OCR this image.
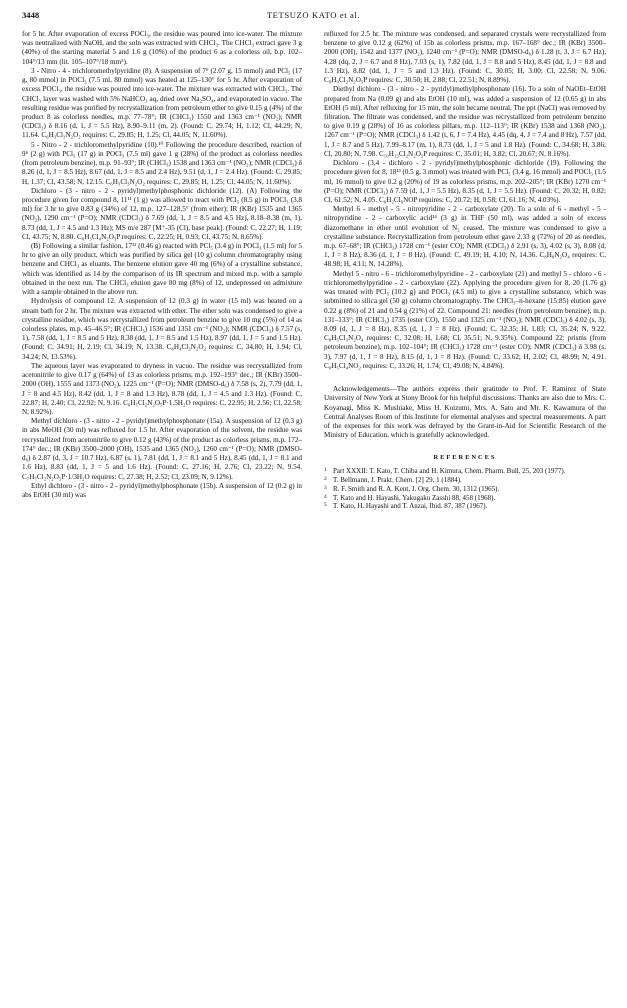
3448	TETSUZO KATO et al.

for 5 hr. After evaporation of excess POCl₃, the residue was poured into ice-water. The mixture was neutralized with NaOH, and the soln was extracted with CHCl₃. The CHCl₃ extract gave 3 g (40%) of the starting material 5 and 1.6 g (10%) of the product 6 as a colorless oil, b.p. 102–104°/13 mm (lit. 105–107°/18 mm⁵).

3 - Nitro - 4 - trichloromethylpyridine (8). A suspension of 7⁶ (2.07 g, 15 mmol) and PCl₅ (17 g, 80 mmol) in POCl₃ (7.5 ml, 80 mmol) was heated at 125–130° for 5 hr. After evaporation of excess POCl₃, the residue was poured into ice-water. The mixture was extracted with CHCl₃. The CHCl₃ layer was washed with 5% NaHCO₃ aq, dried over Na₂SO₄, and evaporated in vacuo. The resulting residue was purified by recrystallization from petroleum ether to give 0.15 g (4%) of the product 8 as colorless needles, m.p. 77–78°; IR (CHCl₃) 1550 and 1363 cm⁻¹ (NO₂); NMR (CDCl₃) δ 8.16 (d, 1, J = 5.5 Hz), 8.90–9.11 (m, 2). (Found: C, 29.74; H, 1.12; Cl, 44.29; N, 11.64. C₆H₃Cl₃N₂O₂ requires: C, 29.85; H, 1.25; Cl, 44.05; N, 11.60%).

5 - Nitro - 2 - trichloromethylpyridine (10).¹⁰ Following the procedure described, reaction of 9⁶ (2 g) with PCl₅ (17 g) in POCl₃ (7.5 ml) gave 1 g (28%) of the product as colorless needles (from petroleum benzine), m.p. 91–93°; IR (CHCl₃) 1538 and 1363 cm⁻¹ (NO₂); NMR (CDCl₃) δ 8.26 (d, 1, J = 8.5 Hz), 8.67 (dd, 1, J = 8.5 and 2.4 Hz), 9.51 (d, 1, J = 2.4 Hz). (Found: C, 29.85; H, 1.37; Cl, 43.58; N, 12.15. C₆H₃Cl₃N₂O₂ requires: C, 29.85; H, 1.25; Cl, 44.05; N, 11.60%).

Dichloro - (3 - nitro - 2 - pyridyl)methylphosphonic dichloride (12). (A) Following the procedure given for compound 8, 11¹¹ (1 g) was allowed to react with PCl₅ (8.5 g) in POCl₃ (3.8 ml) for 3 hr to give 0.83 g (34%) of 12, m.p. 127–128.5° (from ether); IR (KBr) 1535 and 1365 (NO₂), 1290 cm⁻¹ (P=O); NMR (CDCl₃) δ 7.69 (dd, 1, J = 8.5 and 4.5 Hz), 8.18–8.38 (m, 1), 8.73 (dd, 1, J = 4.5 and 1.3 Hz); MS m/e 287 [M⁺-35 (Cl), base peak]. (Found: C, 22.27; H, 1.19; Cl, 43.75; N, 8.80. C₆H₃Cl₄N₂O₃P requires: C, 22.25; H, 0.93; Cl, 43.75; N, 8.65%).

(B) Following a similar fashion, 17¹² (0.46 g) reacted with PCl₅ (3.4 g) in POCl₃ (1.5 ml) for 5 hr to give an oily product, which was purified by silica gel (10 g) column chromatography using benzene and CHCl₃ as eluants. The benzene elution gave 40 mg (6%) of a crystalline substance, which was identified as 14 by the comparison of its IR spectrum and mixed m.p. with a sample obtained in the next run. The CHCl₃ elution gave 80 mg (8%) of 12, undepressed on admixture with a sample obtained in the above run.

Hydrolysis of compound 12. A suspension of 12 (0.3 g) in water (15 ml) was heated on a steam bath for 2 hr. The mixture was extracted with ether. The ether soln was condensed to give a crystalline residue, which was recrystallized from petroleum benzine to give 10 mg (5%) of 14 as colorless plates, m.p. 45–46.5°; IR (CHCl₃) 1536 and 1351 cm⁻¹ (NO₂); NMR (CDCl₃) δ 7.57 (s, 1), 7.58 (dd, 1, J = 8.5 and 5 Hz), 8.38 (dd, 1, J = 8.5 and 1.5 Hz), 8.97 (dd, 1, J = 5 and 1.5 Hz). (Found: C, 34.91; H, 2.19; Cl, 34.19; N, 13.38. C₆H₄Cl₂N₂O₂ requires: C, 34.80; H, 1.94; Cl, 34.24; N, 13.53%).

The aqueous layer was evaporated to dryness in vacuo. The residue was recrystallized from acetonitrile to give 0.17 g (64%) of 13 as colorless prisms, m.p. 192–193° dec.; IR (KBr) 3500–2000 (OH), 1555 and 1373 (NO₂), 1225 cm⁻¹ (P=O); NMR (DMSO-d₆) δ 7.58 (s, 2), 7.79 (dd, 1, J = 8 and 4.5 Hz), 8.42 (dd, 1, J = 8 and 1.3 Hz), 8.78 (dd, 1, J = 4.5 and 1.3 Hz). (Found: C, 22.87; H, 2.40; Cl, 22.92; N, 9.16. C₆H₅Cl₂N₂O₅P·1.5H₂O requires: C, 22.95; H, 2.56; Cl, 22.58; N, 8.92%).

Methyl dichloro - (3 - nitro - 2 - pyridyl)methylphosphonate (15a). A suspension of 12 (0.3 g) in abs MeOH (30 ml) was refluxed for 1.5 hr. After evaporation of the solvent, the residue was recrystallized from acetonitrile to give 0.12 g (43%) of the product as colorless prisms, m.p. 172–174° dec.; IR (KBr) 3500–2000 (OH), 1535 and 1365 (NO₂), 1260 cm⁻¹ (P=O); NMR (DMSO-d₆) δ 2.87 (d, 3, J = 10.7 Hz), 6.87 (s, 1), 7.81 (dd, 1, J = 8.1 and 5 Hz), 8.45 (dd, 1, J = 8.1 and 1.6 Hz), 8.83 (dd, 1, J = 5 and 1.6 Hz). (Found: C, 27.16; H, 2.76; Cl, 23.22; N, 9.54. C₇H₇Cl₂N₂O₅P·1/3H₂O requires: C, 27.38; H, 2.52; Cl, 23.09; N, 9.12%).

Ethyl dichloro - (3 - nitro - 2 - pyridyl)methylphosphonate (15b). A suspension of 12 (0.2 g) in abs EtOH (30 ml) was

refluxed for 2.5 hr. The mixture was condensed, and separated crystals were recrystallized from benzene to give 0.12 g (62%) of 15b as colorless prisms, m.p. 167–168° dec.; IR (KBr) 3500–2000 (OH), 1542 and 1377 (NO₂), 1240 cm⁻¹ (P=O); NMR (DMSO-d₆) δ 1.28 (t, 3, J = 6.7 Hz), 4.28 (dq, 2, J = 6.7 and 8 Hz), 7.03 (s, 1), 7.82 (dd, 1, J = 8.8 and 5 Hz), 8.45 (dd, 1, J = 8.8 and 1.3 Hz), 8.82 (dd, 1, J = 5 and 1.3 Hz). (Found: C, 30.05; H, 3.00; Cl, 22.58; N, 9.06. C₈H₉Cl₂N₂O₅P requires: C, 30.50; H, 2.88; Cl, 22.51; N, 8.89%).

Diethyl dichloro - (3 - nitro - 2 - pyridyl)methylphosphonate (16). To a soln of NaOEt–EtOH prepared from Na (0.09 g) and abs EtOH (10 ml), was added a suspension of 12 (0.65 g) in abs EtOH (5 ml). After refluxing for 15 min, the soln became neutral. The ppt (NaCl) was removed by filtration. The filtrate was condensed, and the residue was recrystallized from petroleum benzine to give 0.19 g (28%) of 16 as colorless pillars, m.p. 112–113°; IR (KBr) 1538 and 1368 (NO₂), 1267 cm⁻¹ (P=O); NMR (CDCl₃) δ 1.42 (t, 6, J = 7.4 Hz), 4.45 (dq, 4, J = 7.4 and 8 Hz), 7.57 (dd, 1, J = 8.7 and 5 Hz), 7.99–8.17 (m, 1), 8.73 (dd, 1, J = 5 and 1.8 Hz). (Found: C, 34.68; H, 3.86; Cl, 20.80; N, 7.98. C₁₀H₁₃Cl₂N₂O₅P requires: C, 35.01; H, 3.82; Cl, 20.67; N, 8.16%).

Dichloro - (3,4 - dichloro - 2 - pyridyl)methylphosphonic dichloride (19). Following the procedure given for 8, 18¹³ (0.5 g, 3 mmol) was treated with PCl₅ (3.4 g, 16 mmol) and POCl₃ (1.5 ml, 16 mmol) to give 0.2 g (20%) of 19 as colorless prisms, m.p. 202–205°; IR (KBr) 1270 cm⁻¹ (P=O); NMR (CDCl₃) δ 7.59 (d, 1, J = 5.5 Hz), 8.35 (d, 1, J = 5.5 Hz). (Found: C, 20.32; H, 0.82; Cl, 61.52; N, 4.05. C₆H₂Cl₆NOP requires: C, 20.72; H, 0.58; Cl, 61.16; N, 4.03%).

Methyl 6 - methyl - 5 - nitropyridine - 2 - carboxylate (20). To a soln of 6 - methyl - 5 - nitropyridine - 2 - carboxylic acid¹⁴ (3 g) in THF (50 ml), was added a soln of excess diazomethane in ether until evolution of N₂ ceased. The mixture was condensed to give a crystalline substance. Recrystallization from petroleum ether gave 2.33 g (72%) of 20 as needles, m.p. 67–68°; IR (CHCl₃) 1728 cm⁻¹ (ester CO); NMR (CDCl₃) δ 2.91 (s, 3), 4.02 (s, 3), 8.08 (d, 1, J = 8 Hz), 8.36 (d, 1, J = 8 Hz). (Found: C, 49.19; H, 4.10; N, 14.36. C₈H₈N₂O₄ requires: C, 48.98; H, 4.11; N, 14.28%).

Methyl 5 - nitro - 6 - trichloromethylpyridine - 2 - carboxylate (21) and methyl 5 - chloro - 6 - trichloromethylpyridine - 2 - carboxylate (22). Applying the procedure given for 8, 20 (1.76 g) was treated with PCl₅ (10.2 g) and POCl₃ (4.5 ml) to give a crystalline substance, which was submitted to silica gel (50 g) column chromatography. The CHCl₃–n-hexane (15:85) elution gave 0.22 g (8%) of 21 and 0.54 g (21%) of 22. Compound 21: needles (from petroleum benzine), m.p. 131–133°; IR (CHCl₃) 1735 (ester CO), 1550 and 1325 cm⁻¹ (NO₂); NMR (CDCl₃) δ 4.02 (s, 3), 8.09 (d, 1, J = 8 Hz), 8.35 (d, 1, J = 8 Hz). (Found: C, 32.35; H, 1.83; Cl, 35.24; N, 9.22. C₈H₅Cl₃N₂O₄ requires: C, 32.08; H, 1.68; Cl, 35.51; N, 9.35%). Compound 22: prisms (from petroleum benzine), m.p. 102–104°; IR (CHCl₃) 1728 cm⁻¹ (ester CO); NMR (CDCl₃) δ 3.98 (s, 3), 7.97 (d, 1, J = 8 Hz), 8.15 (d, 1, J = 8 Hz). (Found: C, 33.62; H, 2.02; Cl, 48.99; N, 4.91. C₈H₅Cl₄NO₂ requires: C, 33.26; H, 1.74; Cl, 49.08; N, 4.84%).

Acknowledgements—The authors express their gratitude to Prof. F. Ramirez of State University of New York at Stony Brook for his helpful discussions. Thanks are also due to Mrs. C. Koyanagi, Miss K. Mushiake, Miss H. Koizumi, Mrs. A. Sato and Mr. K. Kawamura of the Central Analyses Room of this Institute for elemental analyses and spectral measurements. A part of the expenses for this work was defrayed by the Grant-in-Aid for Scientific Research of the Ministry of Education, which is gratefully acknowledged.

REFERENCES
1 Part XXXII: T. Kato, T. Chiba and H. Kimura, Chem. Pharm. Bull. 25, 203 (1977).
2 T. Bellmann, J. Prakt. Chem. [2] 29, 1 (1884).
3 R. F. Smith and R. A. Kent, J. Org. Chem. 30, 1312 (1965).
4 T. Kato and H. Hayashi, Yakugaku Zasshi 88, 458 (1968).
5 T. Kato, H. Hayashi and T. Anzai, Ibid. 87, 387 (1967).
